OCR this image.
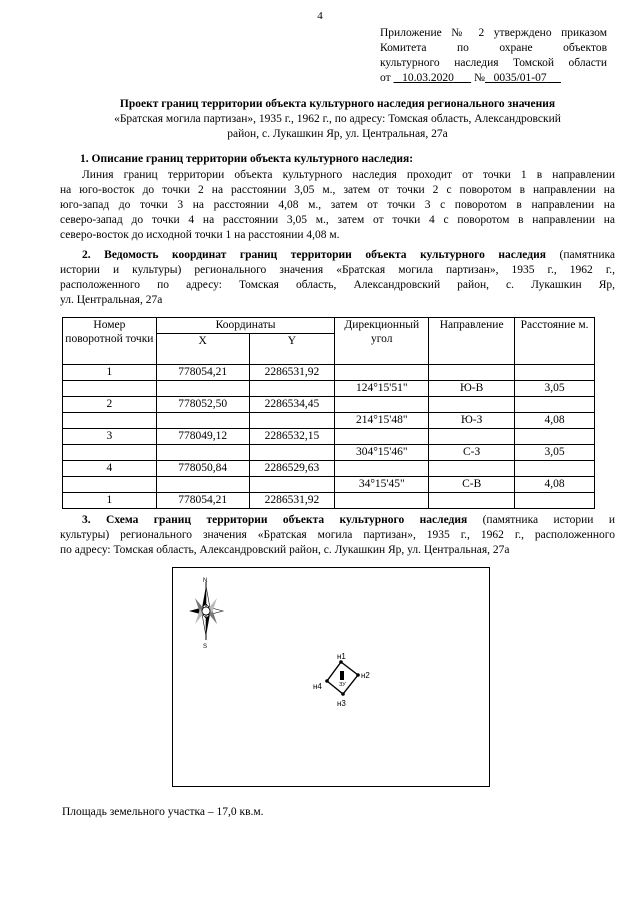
4
Приложение № 2 утверждено приказом
Комитета по охране объектов
культурного наследия Томской области
от 10.03.2020 № 0035/01-07
Проект границ территории объекта культурного наследия регионального значения
«Братская могила партизан», 1935 г., 1962 г., по адресу: Томская область, Александровский
район, с. Лукашкин Яр, ул. Центральная, 27а
1. Описание границ территории объекта культурного наследия:
Линия границ территории объекта культурного наследия проходит от точки 1 в направлении
на юго-восток до точки 2 на расстоянии 3,05 м., затем от точки 2 с поворотом в направлении на
юго-запад до точки 3 на расстоянии 4,08 м., затем от точки 3 с поворотом в направлении на
северо-запад до точки 4 на расстоянии 3,05 м., затем от точки 4 с поворотом в направлении на
северо-восток до исходной точки 1 на расстоянии 4,08 м.
2. Ведомость координат границ территории объекта культурного наследия (памятника
истории и культуры) регионального значения «Братская могила партизан», 1935 г., 1962 г.,
расположенного по адресу: Томская область, Александровский район, с. Лукашкин Яр,
ул. Центральная, 27а
Номер поворотной точки	Координаты		Дирекционный угол	Направление	Расстояние м.
	X	Y			
1	778054,21	2286531,92			
			124°15'51"	Ю-В	3,05
2	778052,50	2286534,45			
			214°15'48"	Ю-З	4,08
3	778049,12	2286532,15			
			304°15'46"	С-З	3,05
4	778050,84	2286529,63			
			34°15'45"	С-В	4,08
1	778054,21	2286531,92			
3. Схема границ территории объекта культурного наследия (памятника истории и
культуры) регионального значения «Братская могила партизан», 1935 г., 1962 г., расположенного
по адресу: Томская область, Александровский район, с. Лукашкин Яр, ул. Центральная, 27а
N
S
ЗУ
н1
н2
н3
н4
Площадь земельного участка – 17,0 кв.м.
